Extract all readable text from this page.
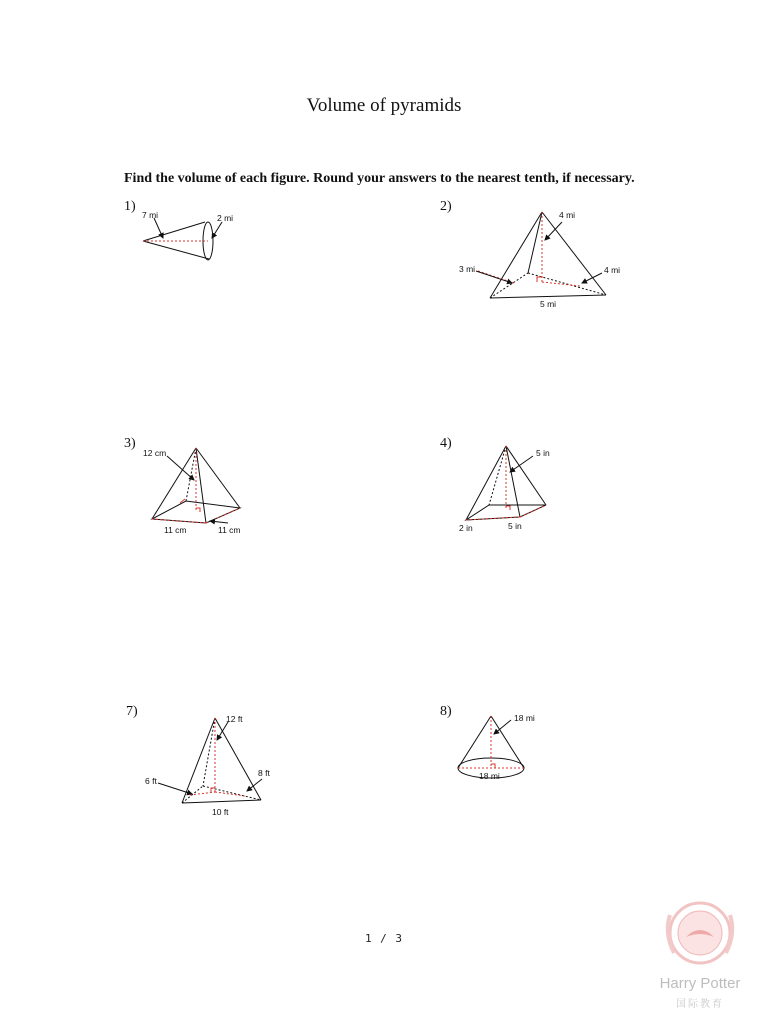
Volume of pyramids
Find the volume of each figure. Round your answers to the nearest tenth, if necessary.
1)	2)
3)	4)
7)	8)
7 mi	2 mi	4 mi
3 mi	4 mi
5 mi
12 cm
11 cm	11 cm
5 in
2 in	5 in
12 ft
6 ft
8 ft
10 ft
18 mi
18 mi
1 / 3
Harry Potter
国际教育
